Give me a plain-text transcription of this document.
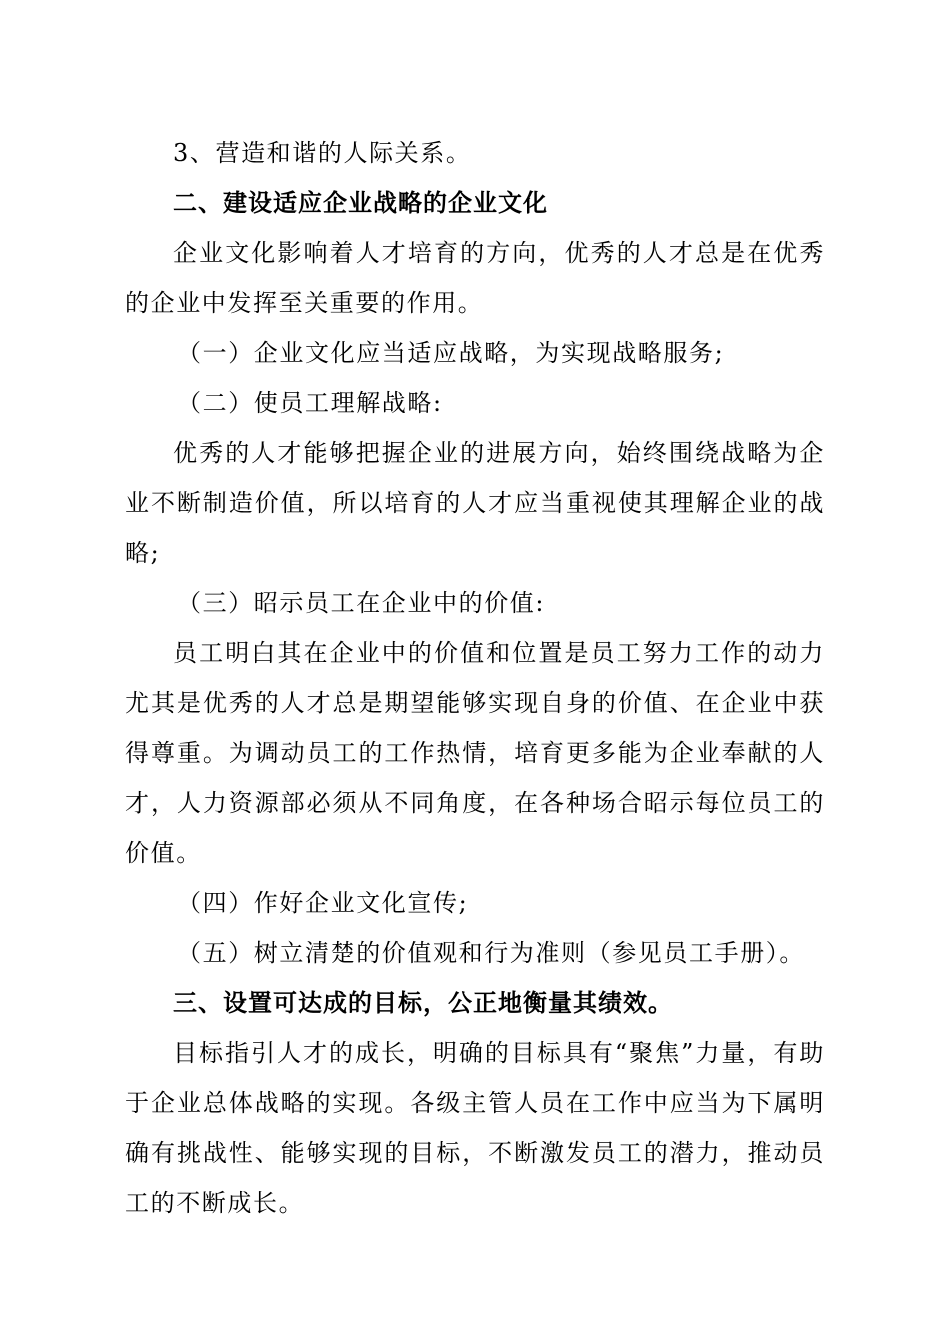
3、营造和谐的人际关系。

二、建设适应企业战略的企业文化

企业文化影响着人才培育的方向，优秀的人才总是在优秀的企业中发挥至关重要的作用。

（一）企业文化应当适应战略，为实现战略服务;

（二）使员工理解战略:

优秀的人才能够把握企业的进展方向，始终围绕战略为企业不断制造价值，所以培育的人才应当重视使其理解企业的战略;

（三）昭示员工在企业中的价值:

员工明白其在企业中的价值和位置是员工努力工作的动力尤其是优秀的人才总是期望能够实现自身的价值、在企业中获得尊重。为调动员工的工作热情，培育更多能为企业奉献的人才，人力资源部必须从不同角度，在各种场合昭示每位员工的价值。

（四）作好企业文化宣传;

（五）树立清楚的价值观和行为准则（参见员工手册）。

三、设置可达成的目标，公正地衡量其绩效。

目标指引人才的成长，明确的目标具有“聚焦”力量，有助于企业总体战略的实现。各级主管人员在工作中应当为下属明确有挑战性、能够实现的目标，不断激发员工的潜力，推动员工的不断成长。
